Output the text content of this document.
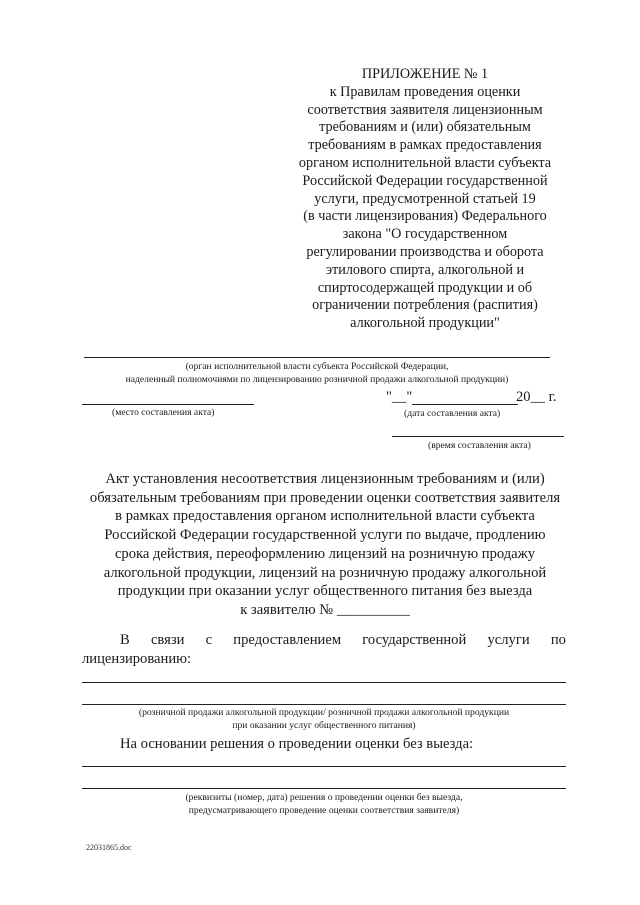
ПРИЛОЖЕНИЕ № 1
к Правилам проведения оценки
соответствия заявителя лицензионным
требованиям и (или) обязательным
требованиям в рамках предоставления
органом исполнительной власти субъекта
Российской Федерации государственной
услуги, предусмотренной статьей 19
(в части лицензирования) Федерального
закона "О государственном
регулировании производства и оборота
этилового спирта, алкогольной и
спиртосодержащей продукции и об
ограничении потребления (распития)
алкогольной продукции"
(орган исполнительной власти субъекта Российской Федерации,
наделенный полномочиями по лицензированию розничной продажи алкогольной продукции)
(место составления акта)
"__"	20__ г.
(дата составления акта)
(время составления акта)
Акт установления несоответствия лицензионным требованиям и (или)
обязательным требованиям при проведении оценки соответствия заявителя
в рамках предоставления органом исполнительной власти субъекта
Российской Федерации государственной услуги по выдаче, продлению
срока действия, переоформлению лицензий на розничную продажу
алкогольной продукции, лицензий на розничную продажу алкогольной
продукции при оказании услуг общественного питания без выезда
к заявителю № __________
В связи с предоставлением государственной услуги по
лицензированию:
(розничной продажи алкогольной продукции/ розничной продажи алкогольной продукции
при оказании услуг общественного питания)
На основании решения о проведении оценки без выезда:
(реквизиты (номер, дата) решения о проведении оценки без выезда,
предусматривающего проведение оценки соответствия заявителя)
22031865.doc
